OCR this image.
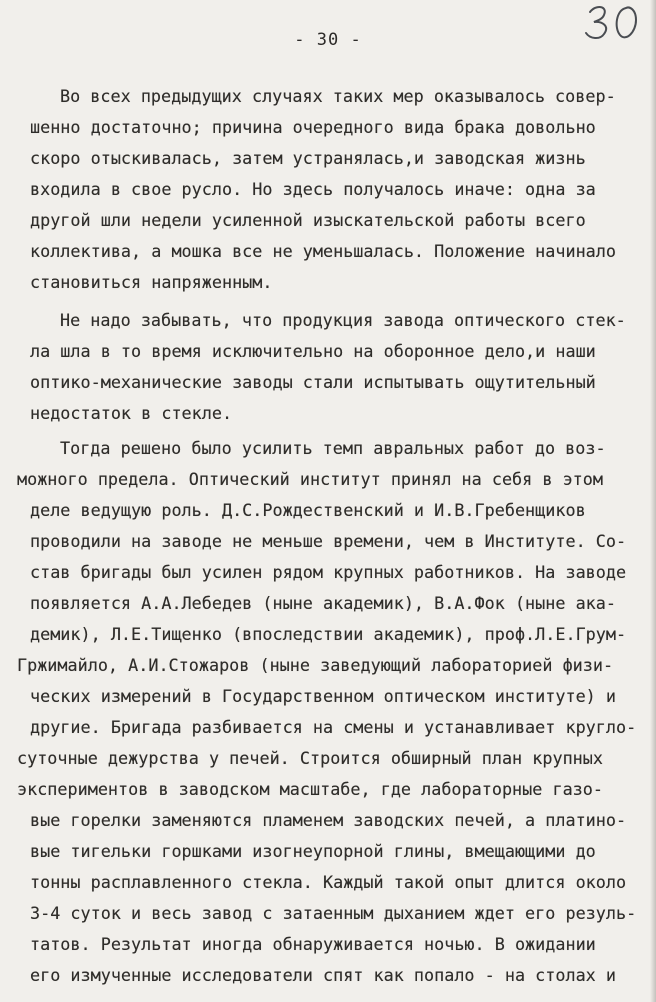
- 30 -
Во всех предыдущих случаях таких мер оказывалось совер-
шенно достаточно; причина очередного вида брака довольно
скоро отыскивалась, затем устранялась,и заводская жизнь
входила в свое русло. Но здесь получалось иначе: одна за
другой шли недели усиленной изыскательской работы всего
коллектива, а мошка все не уменьшалась. Положение начинало
становиться напряженным.
Не надо забывать, что продукция завода оптического стек-
ла шла в то время исключительно на оборонное дело,и наши
оптико-механические заводы стали испытывать ощутительный
недостаток в стекле.
Тогда решено было усилить темп авральных работ до воз-
можного предела. Оптический институт принял на себя в этом
деле ведущую роль. Д.С.Рождественский и И.В.Гребенщиков
проводили на заводе не меньше времени, чем в Институте. Со-
став бригады был усилен рядом крупных работников. На заводе
появляется А.А.Лебедев (ныне академик), В.А.Фок (ныне ака-
демик), Л.Е.Тищенко (впоследствии академик), проф.Л.Е.Грум-
Гржимайло, А.И.Стожаров (ныне заведующий лабораторией физи-
ческих измерений в Государственном оптическом институте) и
другие. Бригада разбивается на смены и устанавливает кругло-
суточные дежурства у печей. Строится обширный план крупных
экспериментов в заводском масштабе, где лабораторные газо-
вые горелки заменяются пламенем заводских печей, а платино-
вые тигельки горшками изогнеупорной глины, вмещающими до
тонны расплавленного стекла. Каждый такой опыт длится около
3-4 суток и весь завод с затаенным дыханием ждет его резуль-
татов. Результат иногда обнаруживается ночью. В ожидании
его измученные исследователи спят как попало - на столах и
